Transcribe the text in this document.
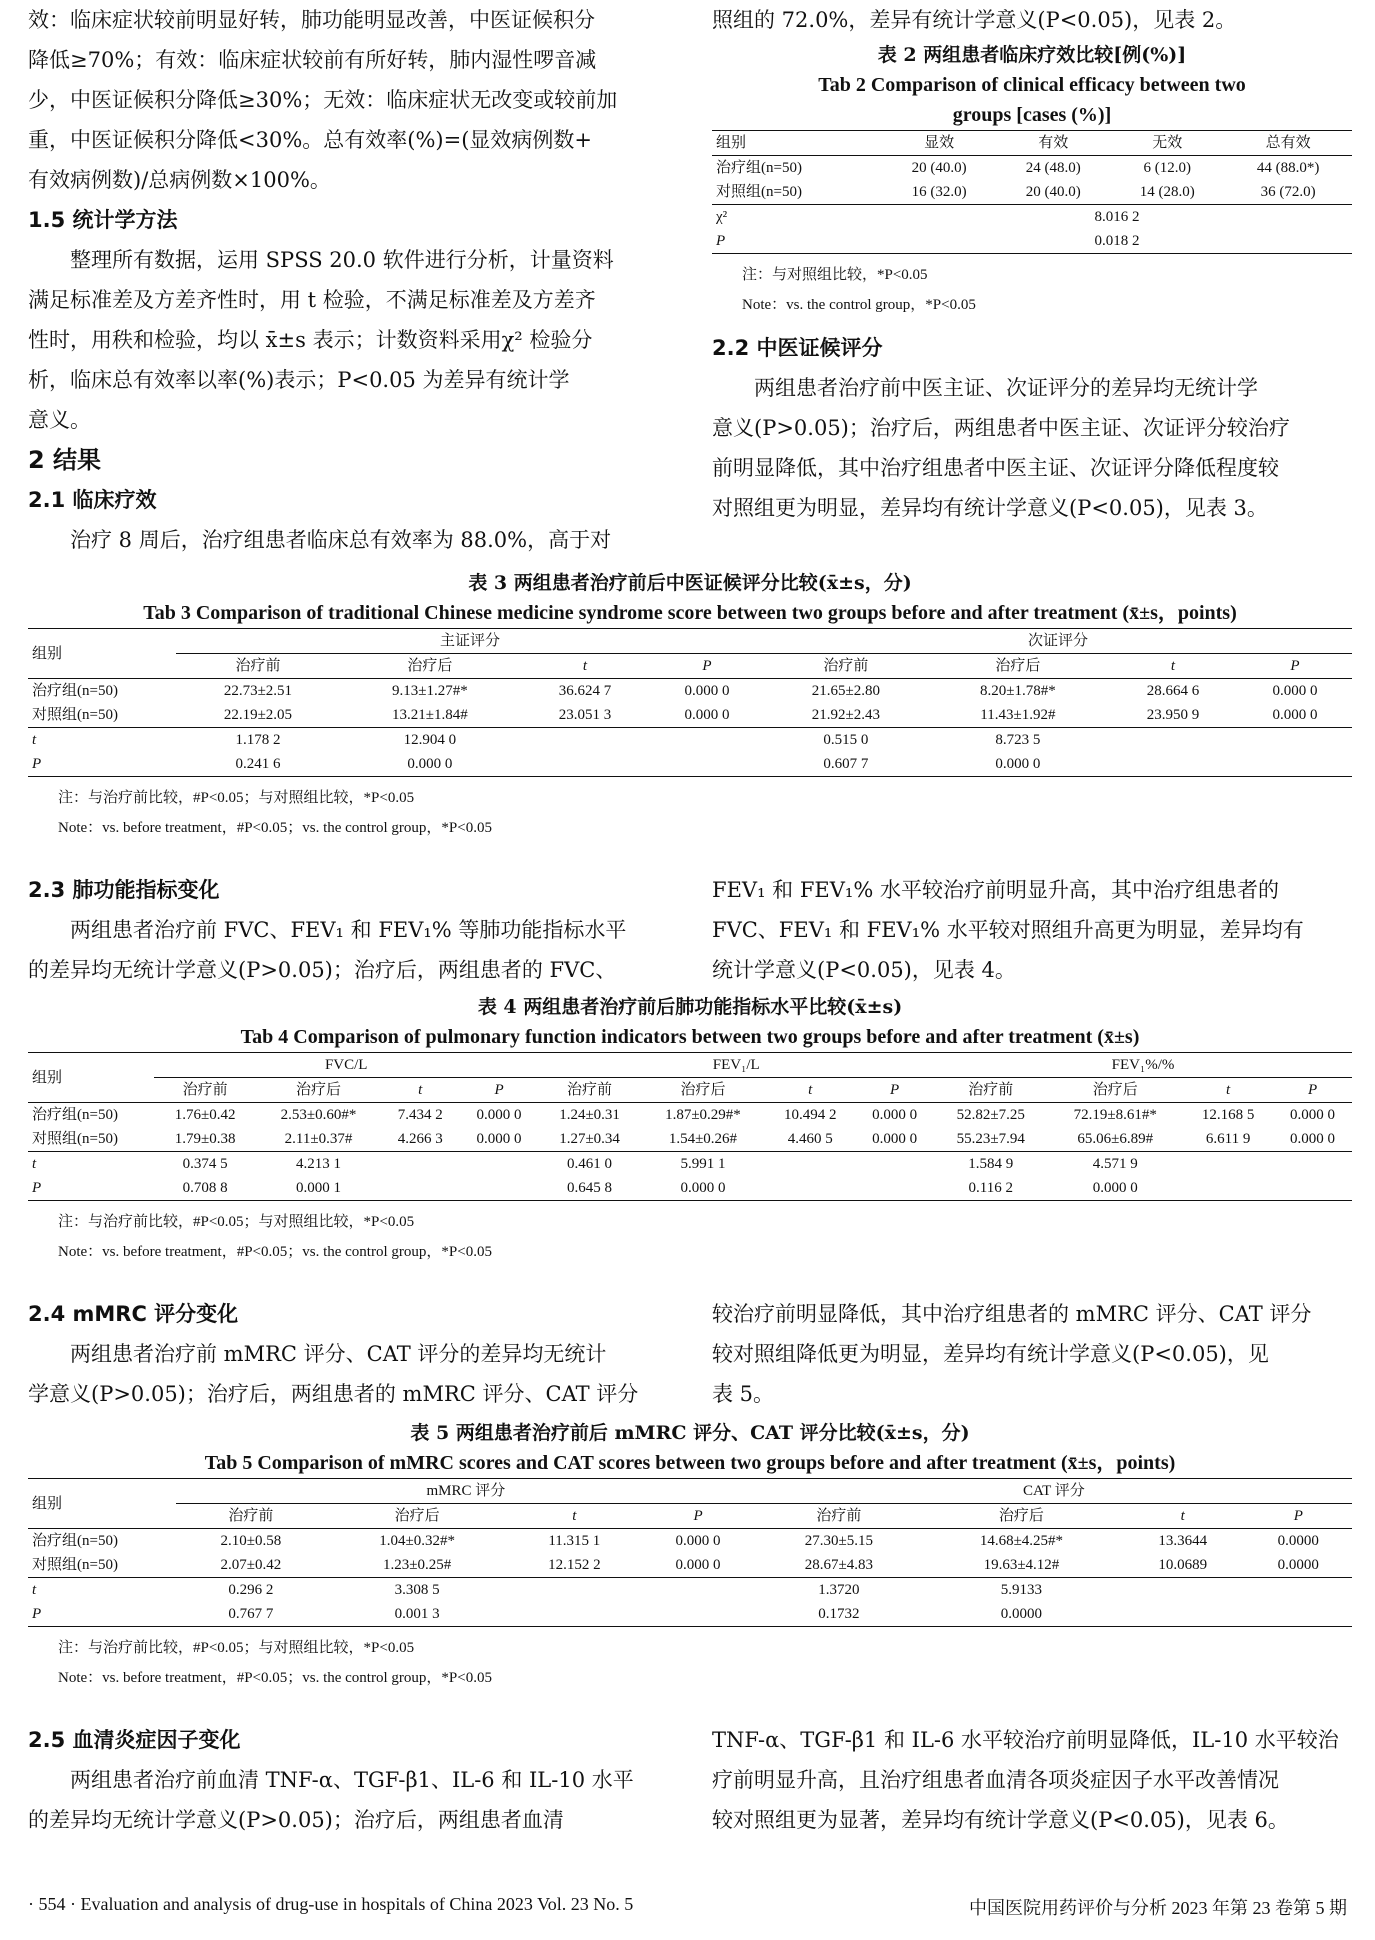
效：临床症状较前明显好转，肺功能明显改善，中医证候积分

降低≥70%；有效：临床症状较前有所好转，肺内湿性啰音减

少，中医证候积分降低≥30%；无效：临床症状无改变或较前加

重，中医证候积分降低<30%。总有效率(%)=(显效病例数+

有效病例数)/总病例数×100%。

1.5 统计学方法

整理所有数据，运用 SPSS 20.0 软件进行分析，计量资料

满足标准差及方差齐性时，用 t 检验，不满足标准差及方差齐

性时，用秩和检验，均以 x̄±s 表示；计数资料采用χ² 检验分

析，临床总有效率以率(%)表示；P<0.05 为差异有统计学

意义。

2 结果

2.1 临床疗效

治疗 8 周后，治疗组患者临床总有效率为 88.0%，高于对

照组的 72.0%，差异有统计学意义(P<0.05)，见表 2。

表 2 两组患者临床疗效比较[例(%)]
Tab 2 Comparison of clinical efficacy between two
groups [cases (%)]
组别	显效	有效	无效	总有效
治疗组(n=50)	20 (40.0)	24 (48.0)	6 (12.0)	44 (88.0*)
对照组(n=50)	16 (32.0)	20 (40.0)	14 (28.0)	36 (72.0)
χ²	8.016 2			
P	0.018 2			
注：与对照组比较，*P<0.05
Note：vs. the control group，*P<0.05

2.2 中医证候评分

两组患者治疗前中医主证、次证评分的差异均无统计学

意义(P>0.05)；治疗后，两组患者中医主证、次证评分较治疗

前明显降低，其中治疗组患者中医主证、次证评分降低程度较

对照组更为明显，差异均有统计学意义(P<0.05)，见表 3。

表 3 两组患者治疗前后中医证候评分比较(x̄±s，分)
Tab 3 Comparison of traditional Chinese medicine syndrome score between two groups before and after treatment (x̄±s，points)
组别	主证评分				次证评分			
	治疗前	治疗后	t	P	治疗前	治疗后	t	P
治疗组(n=50)	22.73±2.51	9.13±1.27#*	36.624 7	0.000 0	21.65±2.80	8.20±1.78#*	28.664 6	0.000 0
对照组(n=50)	22.19±2.05	13.21±1.84#	23.051 3	0.000 0	21.92±2.43	11.43±1.92#	23.950 9	0.000 0
t	1.178 2	12.904 0			0.515 0	8.723 5		
P	0.241 6	0.000 0			0.607 7	0.000 0		
注：与治疗前比较，#P<0.05；与对照组比较，*P<0.05
Note：vs. before treatment，#P<0.05；vs. the control group，*P<0.05

2.3 肺功能指标变化

两组患者治疗前 FVC、FEV₁ 和 FEV₁% 等肺功能指标水平

的差异均无统计学意义(P>0.05)；治疗后，两组患者的 FVC、

FEV₁ 和 FEV₁% 水平较治疗前明显升高，其中治疗组患者的

FVC、FEV₁ 和 FEV₁% 水平较对照组升高更为明显，差异均有

统计学意义(P<0.05)，见表 4。

表 4 两组患者治疗前后肺功能指标水平比较(x̄±s)
Tab 4 Comparison of pulmonary function indicators between two groups before and after treatment (x̄±s)
组别	FVC/L				FEV₁/L				FEV₁%/%			
	治疗前	治疗后	t	P	治疗前	治疗后	t	P	治疗前	治疗后	t	P
治疗组(n=50)	1.76±0.42	2.53±0.60#*	7.434 2	0.000 0	1.24±0.31	1.87±0.29#*	10.494 2	0.000 0	52.82±7.25	72.19±8.61#*	12.168 5	0.000 0
对照组(n=50)	1.79±0.38	2.11±0.37#	4.266 3	0.000 0	1.27±0.34	1.54±0.26#	4.460 5	0.000 0	55.23±7.94	65.06±6.89#	6.611 9	0.000 0
t	0.374 5	4.213 1			0.461 0	5.991 1			1.584 9	4.571 9		
P	0.708 8	0.000 1			0.645 8	0.000 0			0.116 2	0.000 0		
注：与治疗前比较，#P<0.05；与对照组比较，*P<0.05
Note：vs. before treatment，#P<0.05；vs. the control group，*P<0.05

2.4 mMRC 评分变化

两组患者治疗前 mMRC 评分、CAT 评分的差异均无统计

学意义(P>0.05)；治疗后，两组患者的 mMRC 评分、CAT 评分

较治疗前明显降低，其中治疗组患者的 mMRC 评分、CAT 评分

较对照组降低更为明显，差异均有统计学意义(P<0.05)，见

表 5。

表 5 两组患者治疗前后 mMRC 评分、CAT 评分比较(x̄±s，分)
Tab 5 Comparison of mMRC scores and CAT scores between two groups before and after treatment (x̄±s，points)
组别	mMRC 评分				CAT 评分			
	治疗前	治疗后	t	P	治疗前	治疗后	t	P
治疗组(n=50)	2.10±0.58	1.04±0.32#*	11.315 1	0.000 0	27.30±5.15	14.68±4.25#*	13.3644	0.0000
对照组(n=50)	2.07±0.42	1.23±0.25#	12.152 2	0.000 0	28.67±4.83	19.63±4.12#	10.0689	0.0000
t	0.296 2	3.308 5			1.3720	5.9133		
P	0.767 7	0.001 3			0.1732	0.0000		
注：与治疗前比较，#P<0.05；与对照组比较，*P<0.05
Note：vs. before treatment，#P<0.05；vs. the control group，*P<0.05

2.5 血清炎症因子变化

两组患者治疗前血清 TNF-α、TGF-β1、IL-6 和 IL-10 水平

的差异均无统计学意义(P>0.05)；治疗后，两组患者血清

TNF-α、TGF-β1 和 IL-6 水平较治疗前明显降低，IL-10 水平较治

疗前明显升高，且治疗组患者血清各项炎症因子水平改善情况

较对照组更为显著，差异均有统计学意义(P<0.05)，见表 6。

· 554 · Evaluation and analysis of drug-use in hospitals of China 2023 Vol. 23 No. 5	中国医院用药评价与分析 2023 年第 23 卷第 5 期
